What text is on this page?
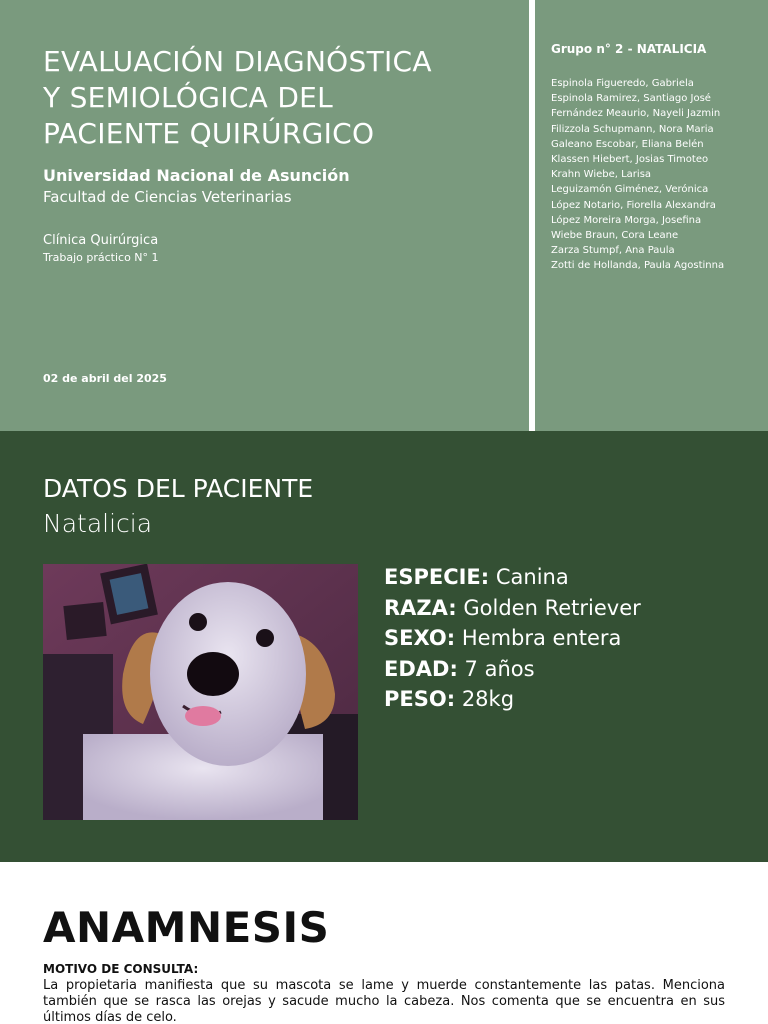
EVALUACIÓN DIAGNÓSTICA
Y SEMIOLÓGICA DEL
PACIENTE QUIRÚRGICO
Universidad Nacional de Asunción
Facultad de Ciencias Veterinarias
Clínica Quirúrgica
Trabajo práctico N° 1
02 de abril del 2025
Grupo n° 2 - NATALICIA
Espinola Figueredo, Gabriela
Espinola Ramirez, Santiago José
Fernández Meaurio, Nayeli Jazmin
Filizzola Schupmann, Nora Maria
Galeano Escobar, Eliana Belén
Klassen Hiebert, Josias Timoteo
Krahn Wiebe, Larisa
Leguizamón Giménez, Verónica
López Notario, Fiorella Alexandra
López Moreira Morga, Josefina
Wiebe Braun, Cora Leane
Zarza Stumpf, Ana Paula
Zotti de Hollanda, Paula Agostinna
DATOS DEL PACIENTE
Natalicia
ESPECIE: Canina
RAZA: Golden Retriever
SEXO: Hembra entera
EDAD: 7 años
PESO: 28kg
ANAMNESIS
MOTIVO DE CONSULTA:

La propietaria manifiesta que su mascota se lame y muerde constantemente las patas. Menciona también que se rasca las orejas y sacude mucho la cabeza. Nos comenta que se encuentra en sus últimos días de celo.
